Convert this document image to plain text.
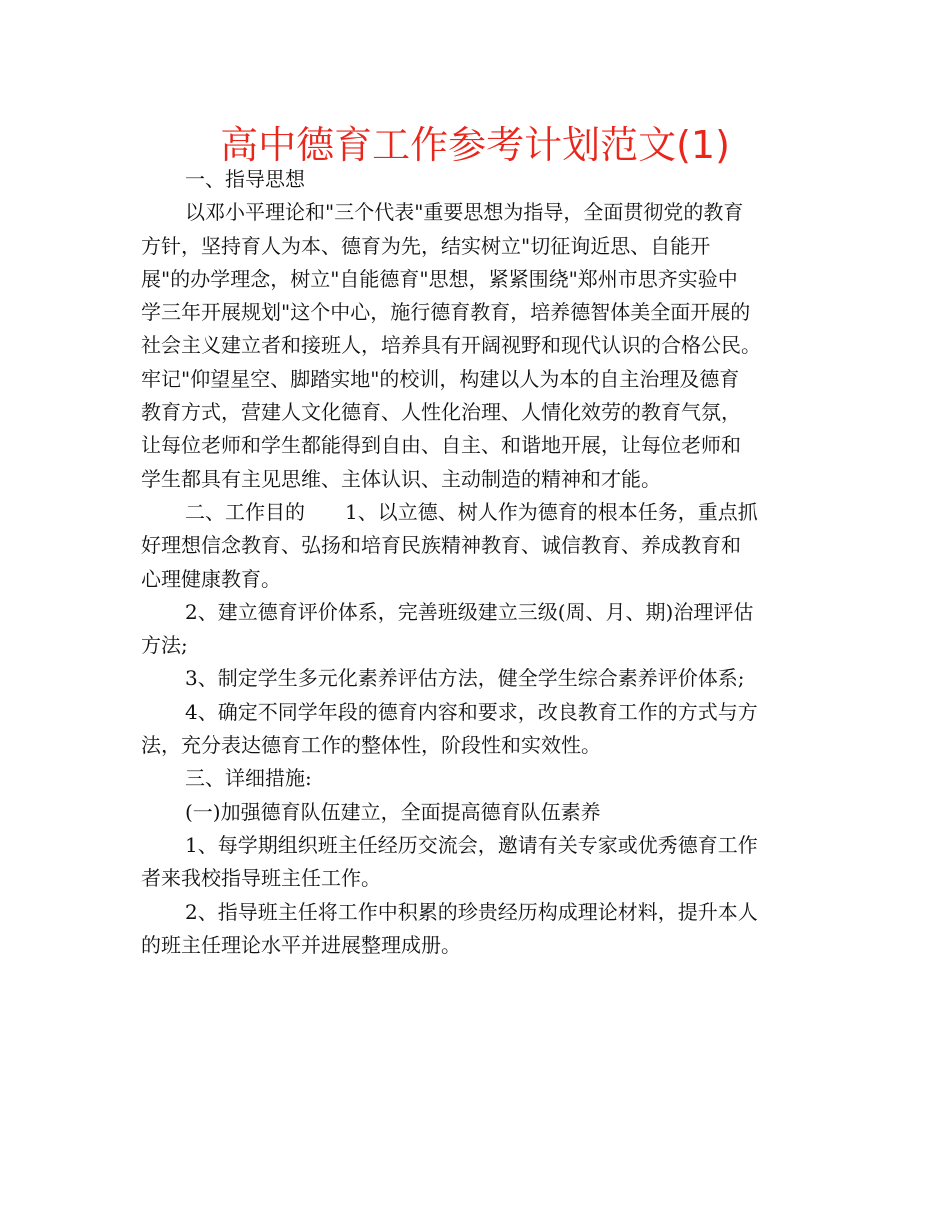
高中德育工作参考计划范文(1)
一、指导思想
以邓小平理论和"三个代表"重要思想为指导，全面贯彻党的教育
方针，坚持育人为本、德育为先，结实树立"切征询近思、自能开
展"的办学理念，树立"自能德育"思想，紧紧围绕"郑州市思齐实验中
学三年开展规划"这个中心，施行德育教育，培养德智体美全面开展的
社会主义建立者和接班人，培养具有开阔视野和现代认识的合格公民。
牢记"仰望星空、脚踏实地"的校训，构建以人为本的自主治理及德育
教育方式，营建人文化德育、人性化治理、人情化效劳的教育气氛，
让每位老师和学生都能得到自由、自主、和谐地开展，让每位老师和
学生都具有主见思维、主体认识、主动制造的精神和才能。
二、工作目的　　1、以立德、树人作为德育的根本任务，重点抓
好理想信念教育、弘扬和培育民族精神教育、诚信教育、养成教育和
心理健康教育。
2、建立德育评价体系，完善班级建立三级(周、月、期)治理评估
方法;
3、制定学生多元化素养评估方法，健全学生综合素养评价体系;
4、确定不同学年段的德育内容和要求，改良教育工作的方式与方
法，充分表达德育工作的整体性，阶段性和实效性。
三、详细措施:
(一)加强德育队伍建立，全面提高德育队伍素养
1、每学期组织班主任经历交流会，邀请有关专家或优秀德育工作
者来我校指导班主任工作。
2、指导班主任将工作中积累的珍贵经历构成理论材料，提升本人
的班主任理论水平并进展整理成册。
